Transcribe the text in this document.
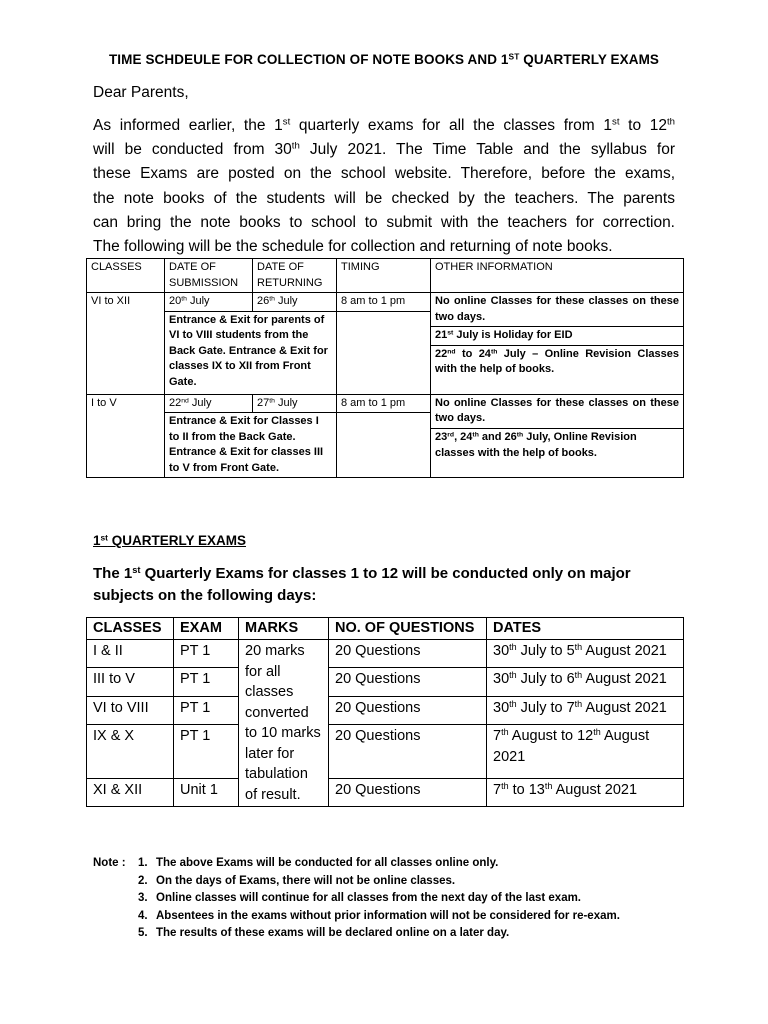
TIME SCHDEULE FOR COLLECTION OF NOTE BOOKS AND 1ST QUARTERLY EXAMS
Dear Parents,
As informed earlier, the 1st quarterly exams for all the classes from 1st to 12th
will be conducted from 30th July 2021. The Time Table and the syllabus for
these Exams are posted on the school website. Therefore, before the exams,
the note books of the students will be checked by the teachers. The parents
can bring the note books to school to submit with the teachers for correction.
The following will be the schedule for collection and returning of note books.
CLASSES	DATE OF SUBMISSION	DATE OF RETURNING	TIMING	OTHER INFORMATION
VI to XII	20th July	26th July	8 am to 1 pm	No online Classes for these classes on these two days.
	Entrance & Exit for parents of VI to VIII students from the Back Gate. Entrance & Exit for classes IX to XII from Front Gate.			
				21st July is Holiday for EID
				22nd to 24th July – Online Revision Classes with the help of books.
I to V	22nd July	27th July	8 am to 1 pm	No online Classes for these classes on these two days.
	Entrance & Exit for Classes I to II from the Back Gate. Entrance & Exit for classes III to V from Front Gate.			
				23rd, 24th and 26th July, Online Revision classes with the help of books.
1st QUARTERLY EXAMS
The 1st Quarterly Exams for classes 1 to 12 will be conducted only on major subjects on the following days:
CLASSES	EXAM	MARKS	NO. OF QUESTIONS	DATES
I & II	PT 1	20 marks for all classes converted to 10 marks later for tabulation of result.	20 Questions	30th July to 5th August 2021
III to V	PT 1		20 Questions	30th July to 6th August 2021
VI to VIII	PT 1		20 Questions	30th July to 7th August 2021
IX & X	PT 1		20 Questions	7th August to 12th August 2021
XI & XII	Unit 1		20 Questions	7th to 13th August 2021
Note : 1. The above Exams will be conducted for all classes online only.
2. On the days of Exams, there will not be online classes.
3. Online classes will continue for all classes from the next day of the last exam.
4. Absentees in the exams without prior information will not be considered for re-exam.
5. The results of these exams will be declared online on a later day.
